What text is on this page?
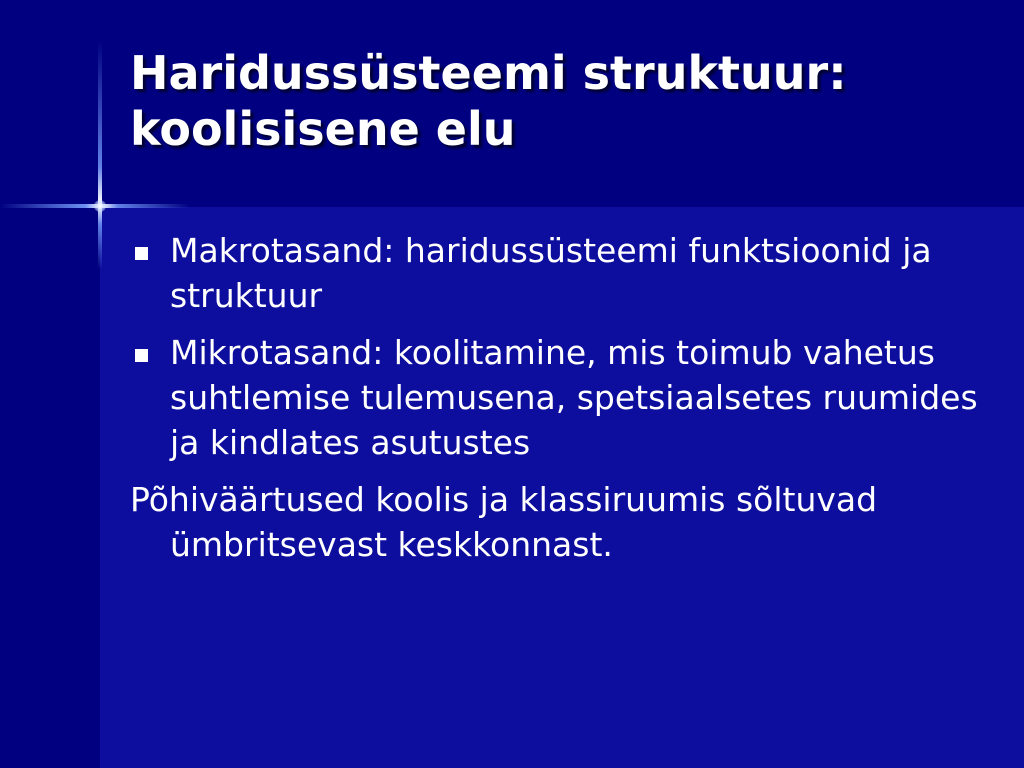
Haridussüsteemi struktuur: koolisisene elu
Makrotasand: haridussüsteemi funktsioonid ja struktuur
Mikrotasand: koolitamine, mis toimub vahetus suhtlemise tulemusena, spetsiaalsetes ruumides ja kindlates asutustes

Põhiväärtused koolis ja klassiruumis sõltuvad ümbritsevast keskkonnast.
